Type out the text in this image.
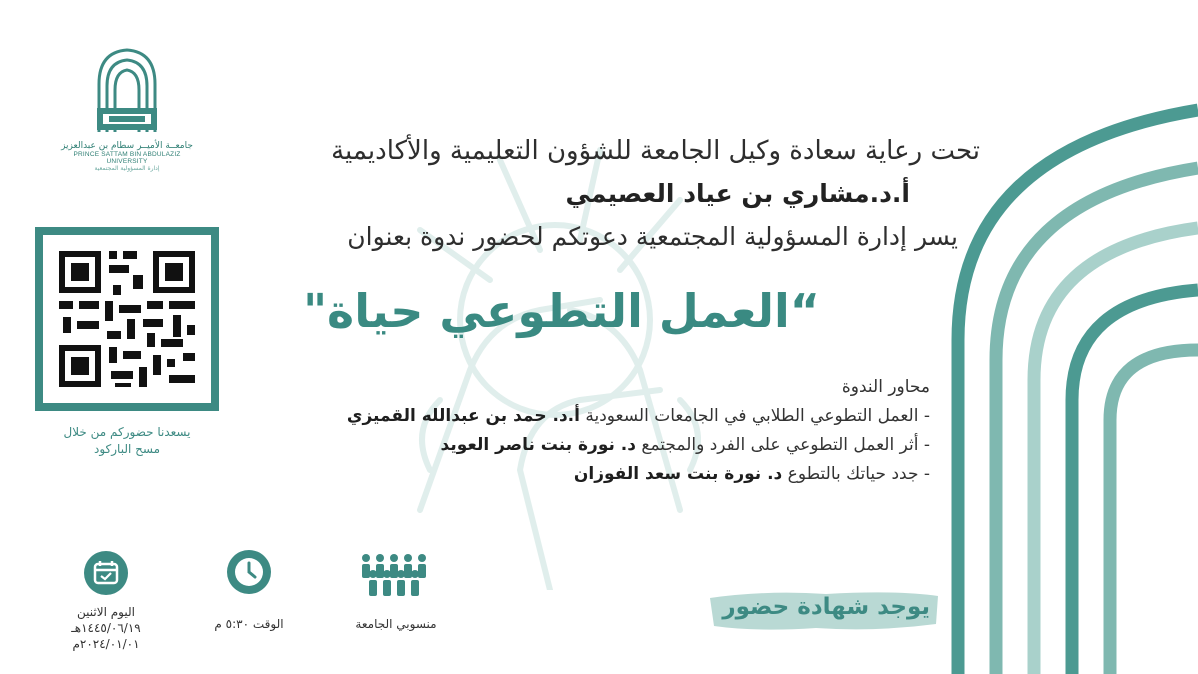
جامعــة الأميــر سطام بن عبدالعزيز
PRINCE SATTAM BIN ABDULAZIZ UNIVERSITY
إدارة المسؤولية المجتمعية
تحت رعاية سعادة وكيل الجامعة للشؤون التعليمية والأكاديمية
أ.د.مشاري بن عياد العصيمي
يسر إدارة المسؤولية المجتمعية دعوتكم لحضور ندوة بعنوان
“العمل التطوعي حياة"
محاور الندوة
- العمل التطوعي الطلابي في الجامعات السعودية أ.د. حمد بن عبدالله القميزي
- أثر العمل التطوعي على الفرد والمجتمع د. نورة بنت ناصر العويد
- جدد حياتك بالتطوع د. نورة بنت سعد الفوزان
يسعدنا حضوركم من خلال
مسح الباركود
اليوم الاثنين
١٤٤٥/٠٦/١٩هـ
٢٠٢٤/٠١/٠١م
الوقت ٥:٣٠ م	منسوبي الجامعة
يوجد شهادة حضور
